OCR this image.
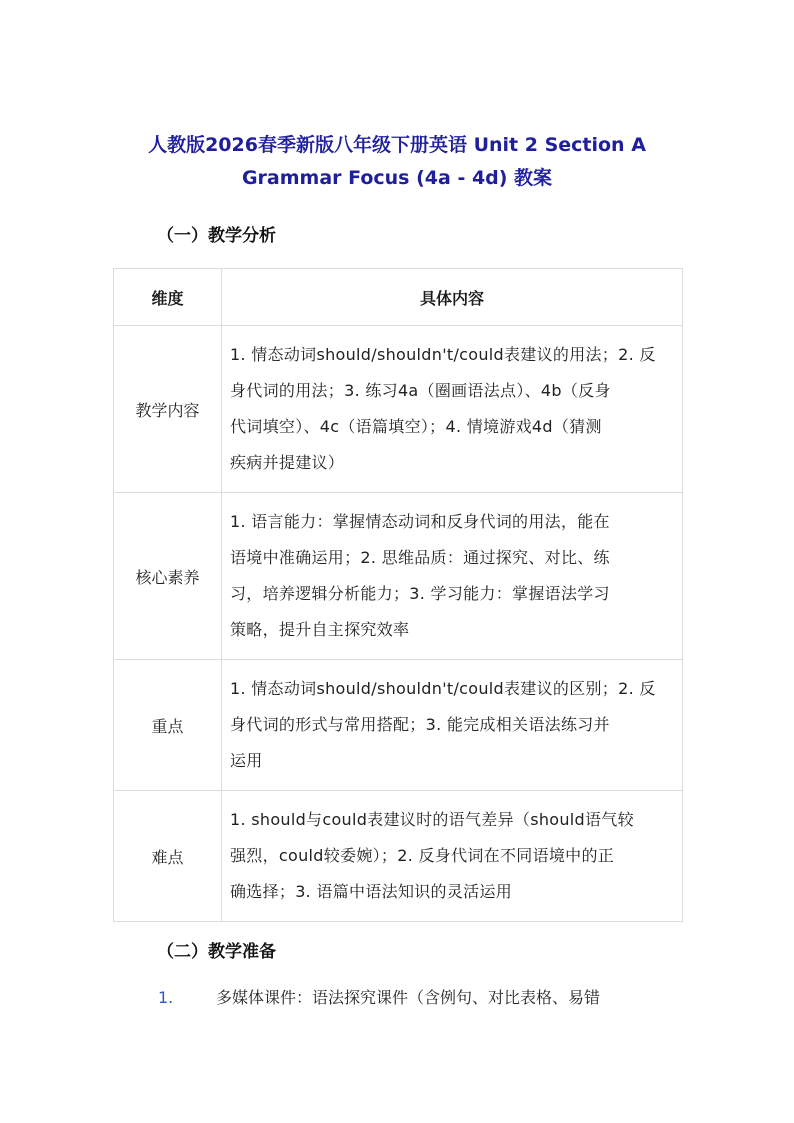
人教版2026春季新版八年级下册英语 Unit 2 Section A
Grammar Focus (4a - 4d) 教案
（一）教学分析
维度	具体内容
教学内容	1. 情态动词should/shouldn't/could表建议的用法；2. 反
身代词的用法；3. 练习4a（圈画语法点）、4b（反身
代词填空）、4c（语篇填空）；4. 情境游戏4d（猜测
疾病并提建议）

核心素养	1. 语言能力：掌握情态动词和反身代词的用法，能在
语境中准确运用；2. 思维品质：通过探究、对比、练
习，培养逻辑分析能力；3. 学习能力：掌握语法学习
策略，提升自主探究效率

重点	1. 情态动词should/shouldn't/could表建议的区别；2. 反
身代词的形式与常用搭配；3. 能完成相关语法练习并
运用

难点	1. should与could表建议时的语气差异（should语气较
强烈，could较委婉）；2. 反身代词在不同语境中的正
确选择；3. 语篇中语法知识的灵活运用
（二）教学准备
1.	多媒体课件：语法探究课件（含例句、对比表格、易错
